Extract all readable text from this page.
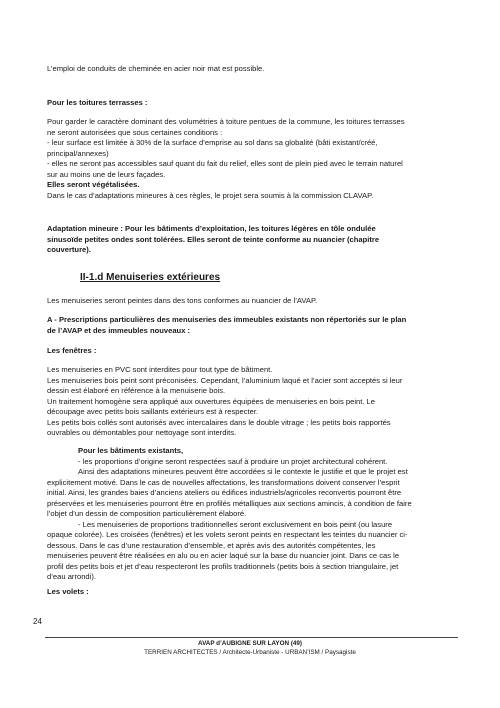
L’emploi de conduits de cheminée en acier noir mat est possible.
Pour les toitures terrasses :
Pour garder le caractère dominant des volumétries à toiture pentues de la commune, les toitures terrasses
ne seront autorisées que sous certaines conditions :
- leur surface est limitée à 30% de la surface d’emprise au sol dans sa globalité (bâti existant/créé,
principal/annexes)
- elles ne seront pas accessibles sauf quant du fait du relief, elles sont de plein pied avec le terrain naturel
sur au moins une de leurs façades.
Elles seront végétalisées.
Dans le cas d’adaptations mineures à ces règles, le projet sera soumis à la commission CLAVAP.
Adaptation mineure : Pour les bâtiments d’exploitation, les toitures légères en tôle ondulée
sinusoïde petites ondes sont tolérées. Elles seront de teinte conforme au nuancier (chapitre
couverture).
II-1.d Menuiseries extérieures
Les menuiseries seront peintes dans des tons conformes au nuancier de l’AVAP.
A - Prescriptions particulières des menuiseries des immeubles existants non répertoriés sur le plan
de l’AVAP et des immeubles nouveaux :
Les fenêtres :
Les menuiseries en PVC sont interdites pour tout type de bâtiment.
Les menuiseries bois peint sont préconisées. Cependant, l’aluminium laqué et l’acier sont acceptés si leur
dessin est élaboré en référence à la menuiserie bois.
Un traitement homogène sera appliqué aux ouvertures équipées de menuiseries en bois peint. Le
découpage avec petits bois saillants extérieurs est à respecter.
Les petits bois collés sont autorisés avec intercalaires dans le double vitrage ; les petits bois rapportés
ouvrables ou démontables pour nettoyage sont interdits.
Pour les bâtiments existants,
- les proportions d’origine seront respectées sauf à produire un projet architectural cohérent.
Ainsi des adaptations mineures peuvent être accordées si le contexte le justifie et que le projet est
explicitement motivé. Dans le cas de nouvelles affectations, les transformations doivent conserver l’esprit
initial. Ainsi, les grandes baies d’anciens ateliers ou édifices industriels/agricoles reconvertis pourront être
préservées et les menuiseries pourront être en profilés métalliques aux sections amincis, à condition de faire
l’objet d’un dessin de composition particulièrement élaboré.
- Les menuiseries de proportions traditionnelles seront exclusivement en bois peint (ou lasure
opaque colorée). Les croisées (fenêtres) et les volets seront peints en respectant les teintes du nuancier ci-
dessous. Dans le cas d’une restauration d’ensemble, et après avis des autorités compétentes, les
menuiseries peuvent être réalisées en alu ou en acier laqué sur la base du nuancier joint. Dans ce cas le
profil des petits bois et jet d’eau respecteront les profils traditionnels (petits bois à section triangulaire, jet
d’eau arrondi).
Les volets :
24
AVAP d’AUBIGNE SUR LAYON (49)
TERRIEN ARCHITECTES / Architecte-Urbaniste - URBAN’ISM / Paysagiste
